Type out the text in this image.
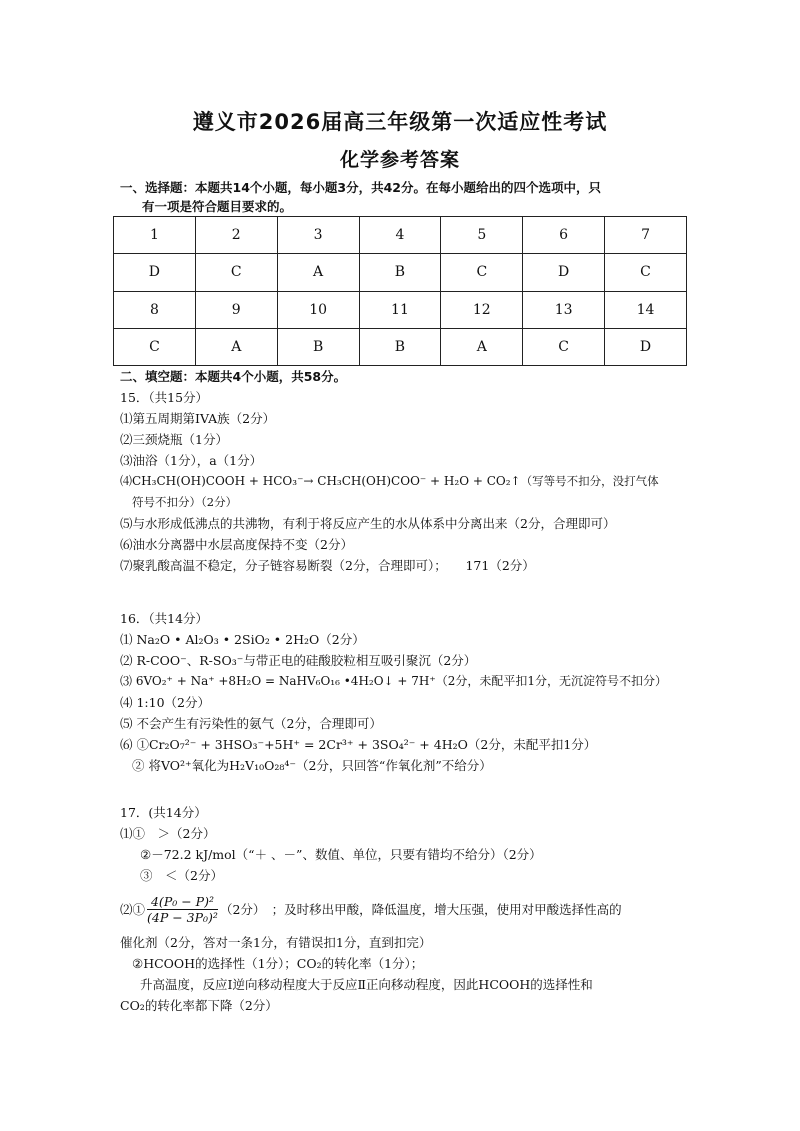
遵义市2026届高三年级第一次适应性考试
化学参考答案
一、选择题：本题共14个小题，每小题3分，共42分。在每小题给出的四个选项中，只
有一项是符合题目要求的。
1	2	3	4	5	6	7
D	C	A	B	C	D	C
8	9	10	11	12	13	14
C	A	B	B	A	C	D
二、填空题：本题共4个小题，共58分。
15．（共15分）
⑴第五周期第IVA族（2分）
⑵三颈烧瓶（1分）
⑶油浴（1分），a（1分）
⑷CH₃CH(OH)COOH + HCO₃⁻→ CH₃CH(OH)COO⁻ + H₂O + CO₂↑（写等号不扣分，没打气体
符号不扣分）（2分）
⑸与水形成低沸点的共沸物，有利于将反应产生的水从体系中分离出来（2分，合理即可）
⑹油水分离器中水层高度保持不变（2分）
⑺聚乳酸高温不稳定，分子链容易断裂（2分，合理即可）；　　171（2分）
16．（共14分）
⑴ Na₂O • Al₂O₃ • 2SiO₂ • 2H₂O（2分）
⑵ R-COO⁻、R-SO₃⁻与带正电的硅酸胶粒相互吸引聚沉（2分）
⑶ 6VO₂⁺ + Na⁺ +8H₂O = NaHV₆O₁₆ •4H₂O↓ + 7H⁺（2分，未配平扣1分，无沉淀符号不扣分）
⑷ 1:10（2分）
⑸ 不会产生有污染性的氨气（2分，合理即可）
⑹ ①Cr₂O₇²⁻ + 3HSO₃⁻+5H⁺ = 2Cr³⁺ + 3SO₄²⁻ + 4H₂O（2分，未配平扣1分）
② 将VO²⁺氧化为H₂V₁₀O₂₈⁴⁻（2分，只回答“作氧化剂”不给分）
17．(共14分）
⑴①　＞（2分）
②－72.2 kJ/mol（“＋ 、－”、数值、单位，只要有错均不给分）（2分）
③　＜（2分）
⑵① $\frac{\text{4(P₀ − P)²}}{\text{(4P − 3P₀)²}} (2$分）　；及时移出甲酸，降低温度，增大压强，使用对甲酸选择性高的
催化剂（2分，答对一条1分，有错误扣1分，直到扣完）
②HCOOH的选择性（1分）；CO₂的转化率（1分）；
升高温度，反应Ⅰ逆向移动程度大于反应Ⅱ正向移动程度，因此HCOOH的选择性和
CO₂的转化率都下降（2分）
